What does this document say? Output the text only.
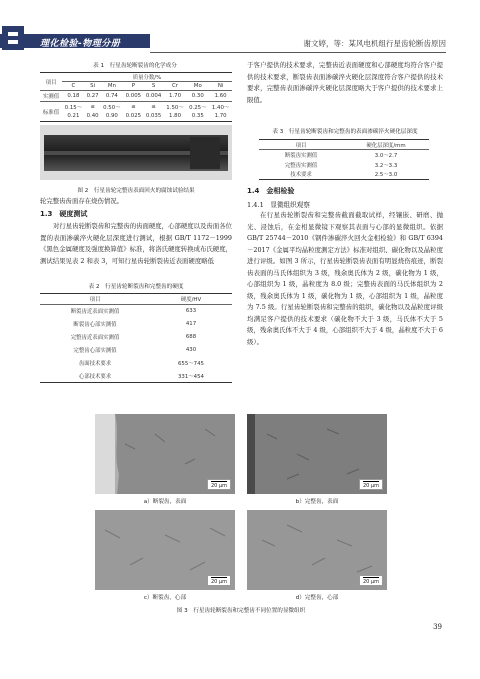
理化检验-物理分册	谢文婷，等：某风电机组行星齿轮断齿原因
表 1　行星齿轮断裂齿的化学成分
项目	质量分数/%							
	C	Si	Mn	P	S	Cr	Mo	Ni
实测值	0.18	0.27	0.74	0.005	0.004	1.70	0.30	1.60
标准值	0.15～	≤	0.50～	≤	≤	1.50～	0.25～	1.40～
	0.21	0.40	0.90	0.025	0.035	1.80	0.35	1.70
图 2　行星齿轮完整齿表面回火的腐蚀试验结果
轮完整齿齿面存在烧伤情况。
1.3　硬度测试
对行星齿轮断裂齿和完整齿的齿面硬度，心部硬度以及齿面各位置的表面渗碳淬火硬化层深度进行测试，根据 GB/T 1172－1999《黑色金属硬度及强度换算值》标准，将洛氏硬度转换成布氏硬度，测试结果见表 2 和表 3，可知行星齿轮断裂齿近表面硬度略低
表 2　行星齿轮断裂齿和完整齿的硬度
项目	硬度/HV
断裂齿近表面实测值	633
断裂齿心部实测值	417
完整齿近表面实测值	688
完整齿心部实测值	430
齿面技术要求	655～745
心部技术要求	331～454
于客户提供的技术要求，完整齿近表面硬度和心部硬度均符合客户提供的技术要求，断裂齿表面渗碳淬火硬化层深度符合客户提供的技术要求，完整齿表面渗碳淬火硬化层深度略大于客户提供的技术要求上限值。
表 3　行星齿轮断裂齿和完整齿的表面渗碳淬火硬化层深度
项目	硬化层深度/mm
断裂齿实测值	3.0～2.7
完整齿实测值	3.2～3.3
技术要求	2.5～3.0
1.4　金相检验
1.4.1　显微组织观察
在行星齿轮断裂齿和完整齿截面截取试样，经镶嵌、研磨、抛光、浸蚀后，在金相显微镜下观察其表面与心部的显微组织。依据 GB/T 25744－2010《钢件渗碳淬火回火金相检验》和 GB/T 6394－2017《金属平均晶粒度测定方法》标准对组织、碳化物以及晶粒度进行评级。如图 3 所示，行星齿轮断裂齿表面有明显烧伤痕迹，断裂齿表面的马氏体组织为 3 级，残余奥氏体为 2 级，碳化物为 1 级，心部组织为 1 级，晶粒度为 8.0 级；完整齿表面的马氏体组织为 2 级，残余奥氏体为 1 级，碳化物为 1 级，心部组织为 1 级，晶粒度为 7.5 级。行星齿轮断裂齿和完整齿的组织，碳化物以及晶粒度评级均满足客户提供的技术要求（碳化物不大于 3 级，马氏体不大于 5 级，残余奥氏体不大于 4 级，心部组织不大于 4 级，晶粒度不大于 6 级）。
20 μm	20 μm
a）断裂齿，表面	b）完整齿，表面
20 μm	20 μm
c）断裂齿，心部	d）完整齿，心部
图 3　行星齿轮断裂齿和完整齿不同位置的显微组织
39
